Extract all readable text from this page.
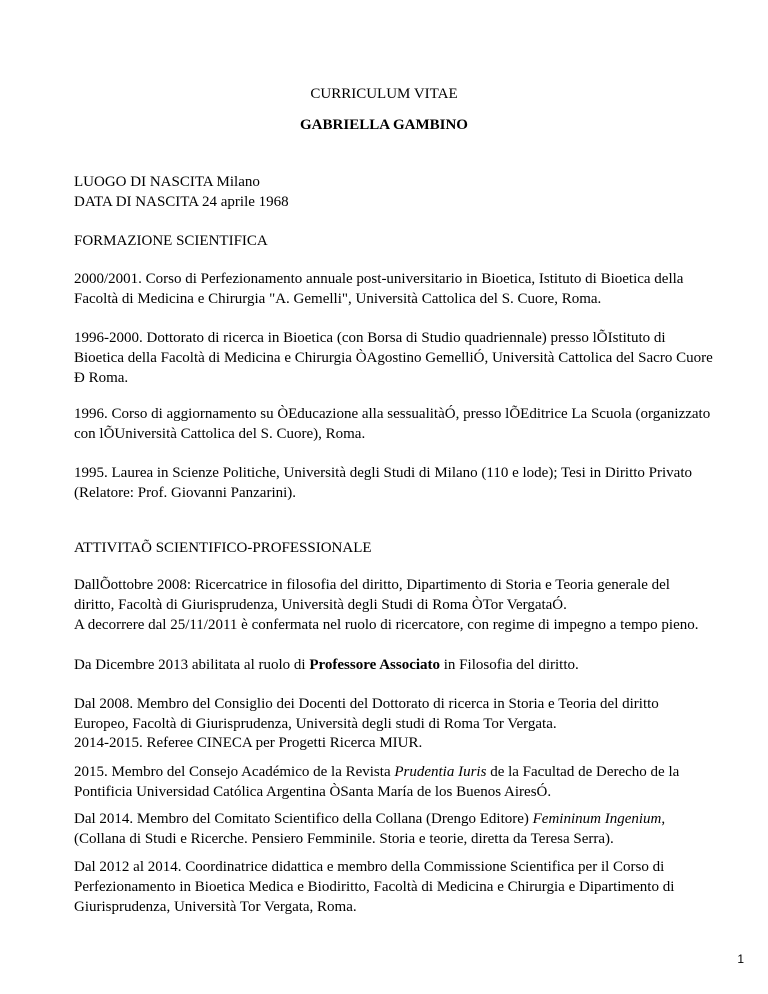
CURRICULUM VITAE
GABRIELLA GAMBINO
LUOGO DI NASCITA Milano
DATA DI NASCITA 24 aprile 1968

FORMAZIONE SCIENTIFICA

2000/2001. Corso di Perfezionamento annuale post-universitario in Bioetica, Istituto di Bioetica della Facoltà di Medicina e Chirurgia "A. Gemelli", Università Cattolica del S. Cuore, Roma.

1996-2000. Dottorato di ricerca in Bioetica (con Borsa di Studio quadriennale) presso lÕIstituto di Bioetica della Facoltà di Medicina e Chirurgia ÒAgostino GemelliÓ, Università Cattolica del Sacro Cuore Ð Roma.

1996. Corso di aggiornamento su ÒEducazione alla sessualitàÓ, presso lÕEditrice La Scuola (organizzato con lÕUniversità Cattolica del S. Cuore), Roma.

1995. Laurea in Scienze Politiche, Università degli Studi di Milano (110 e lode); Tesi in Diritto Privato (Relatore: Prof. Giovanni Panzarini).

ATTIVITAÕ SCIENTIFICO-PROFESSIONALE

DallÕottobre 2008: Ricercatrice in filosofia del diritto, Dipartimento di Storia e Teoria generale del diritto, Facoltà di Giurisprudenza, Università degli Studi di Roma ÒTor VergataÓ.
A decorrere dal 25/11/2011 è confermata nel ruolo di ricercatore, con regime di impegno a tempo pieno.

Da Dicembre 2013 abilitata al ruolo di Professore Associato in Filosofia del diritto.

Dal 2008. Membro del Consiglio dei Docenti del Dottorato di ricerca in Storia e Teoria del diritto Europeo, Facoltà di Giurisprudenza, Università degli studi di Roma Tor Vergata.

2014-2015. Referee CINECA per Progetti Ricerca MIUR.

2015. Membro del Consejo Académico de la Revista Prudentia Iuris de la Facultad de Derecho de la Pontificia Universidad Católica Argentina ÒSanta María de los Buenos AiresÓ.

Dal 2014. Membro del Comitato Scientifico della Collana (Drengo Editore) Femininum Ingenium, (Collana di Studi e Ricerche. Pensiero Femminile. Storia e teorie, diretta da Teresa Serra).

Dal 2012 al 2014. Coordinatrice didattica e membro della Commissione Scientifica per il Corso di Perfezionamento in Bioetica Medica e Biodiritto, Facoltà di Medicina e Chirurgia e Dipartimento di Giurisprudenza, Università Tor Vergata, Roma.

1
